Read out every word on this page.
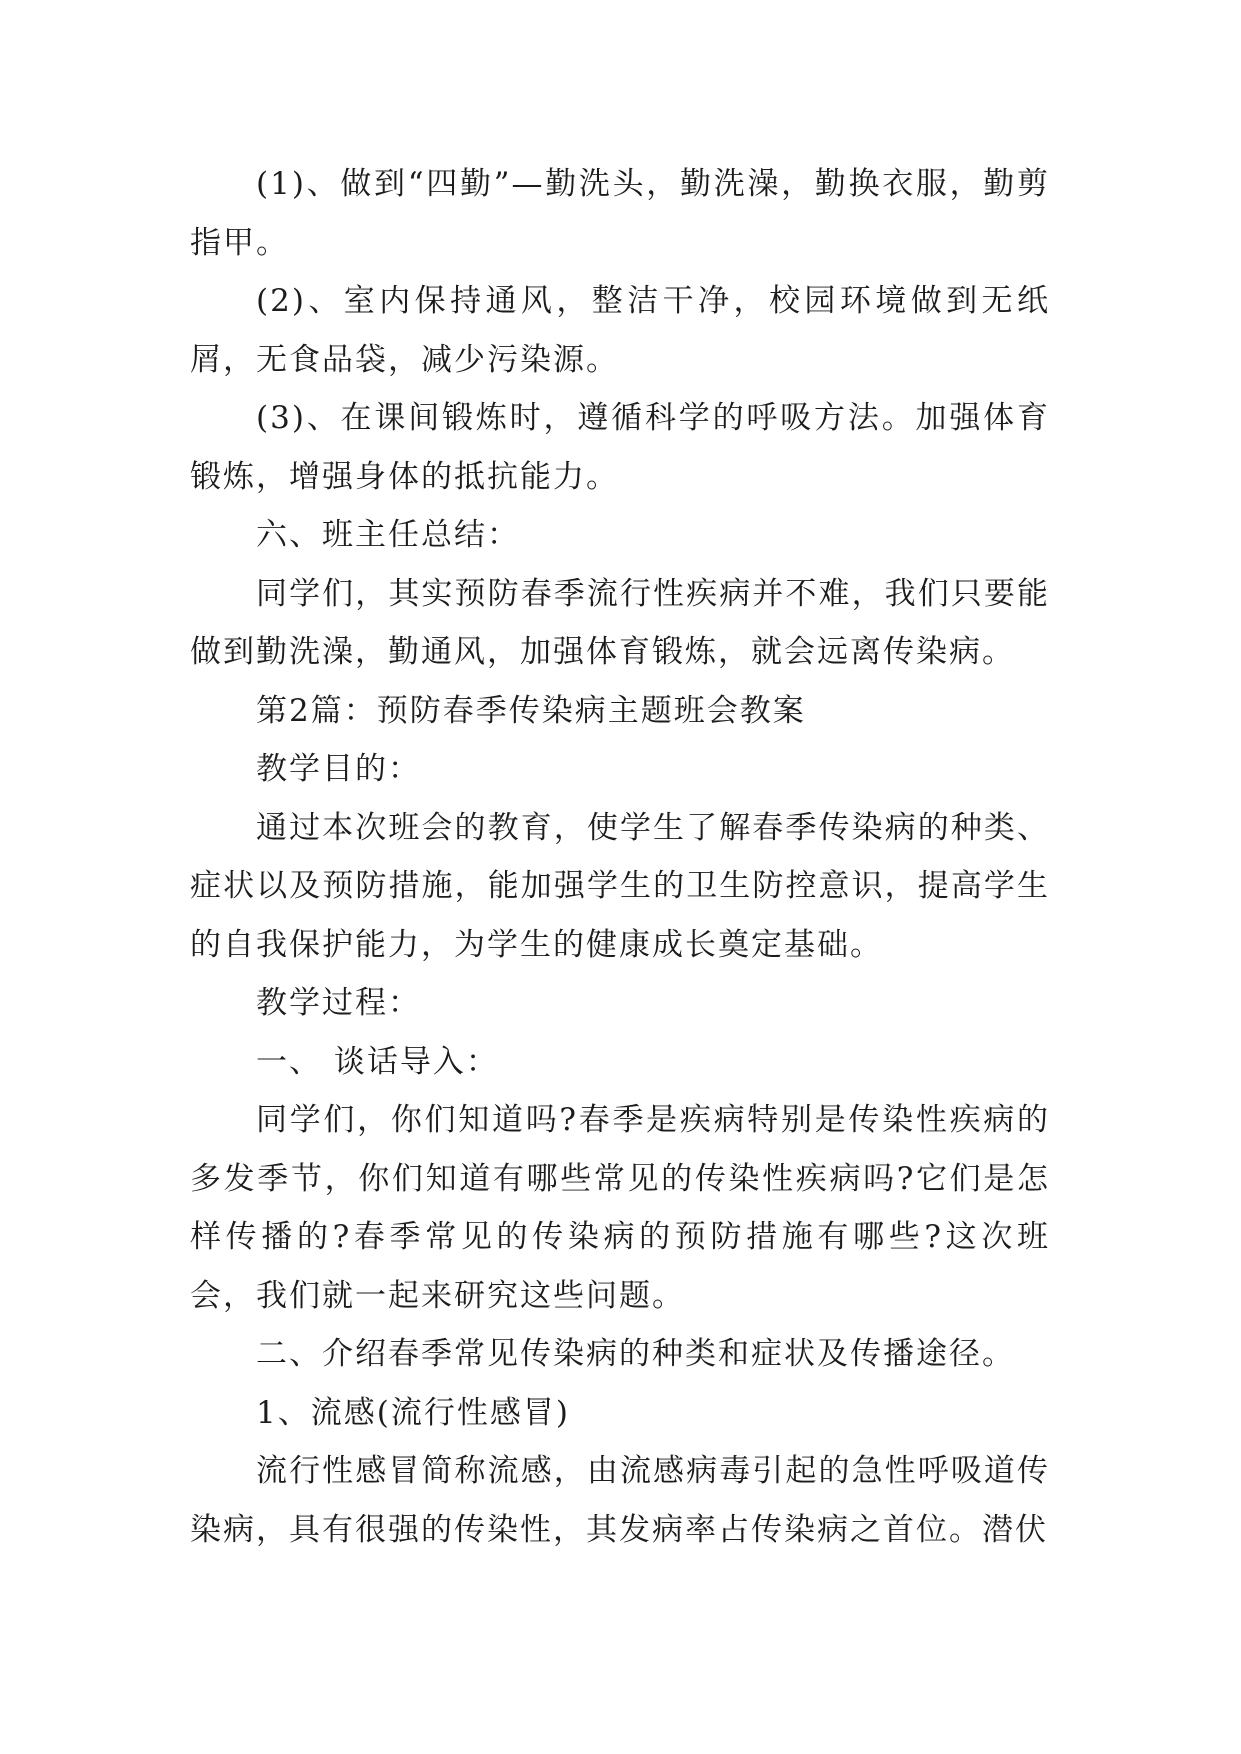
(1)、做到“四勤”—勤洗头，勤洗澡，勤换衣服，勤剪指甲。

(2)、室内保持通风，整洁干净，校园环境做到无纸屑，无食品袋，减少污染源。

(3)、在课间锻炼时，遵循科学的呼吸方法。加强体育锻炼，增强身体的抵抗能力。

六、班主任总结：

同学们，其实预防春季流行性疾病并不难，我们只要能做到勤洗澡，勤通风，加强体育锻炼，就会远离传染病。

第2篇：预防春季传染病主题班会教案

教学目的：

通过本次班会的教育，使学生了解春季传染病的种类、症状以及预防措施，能加强学生的卫生防控意识，提高学生的自我保护能力，为学生的健康成长奠定基础。

教学过程：

一、 谈话导入：

同学们，你们知道吗?春季是疾病特别是传染性疾病的多发季节，你们知道有哪些常见的传染性疾病吗?它们是怎样传播的?春季常见的传染病的预防措施有哪些?这次班会，我们就一起来研究这些问题。

二、介绍春季常见传染病的种类和症状及传播途径。

1、流感(流行性感冒)

流行性感冒简称流感，由流感病毒引起的急性呼吸道传染病，具有很强的传染性，其发病率占传染病之首位。潜伏
